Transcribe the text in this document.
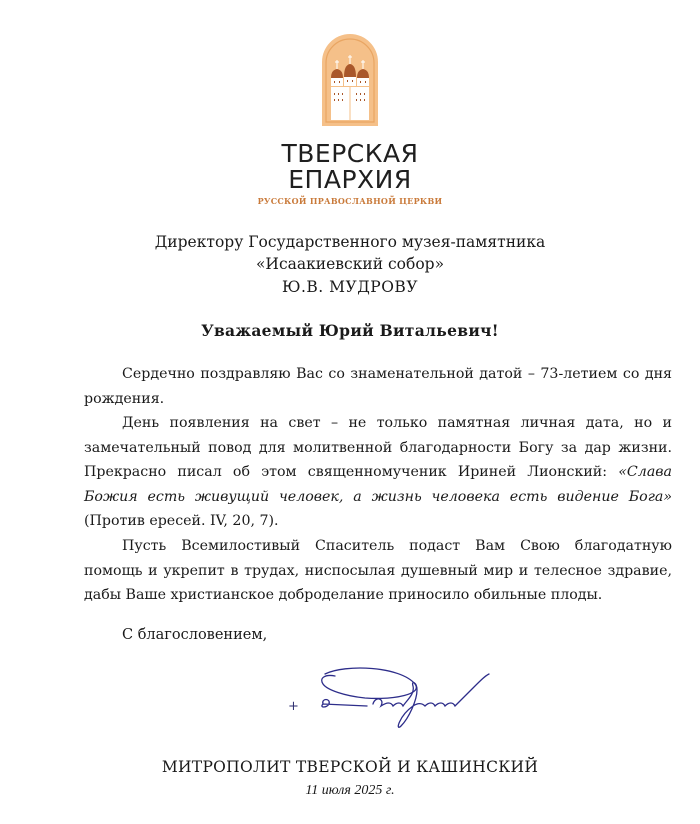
ТВЕРСКАЯ
ЕПАРХИЯ
РУССКОЙ ПРАВОСЛАВНОЙ ЦЕРКВИ
Директору Государственного музея-памятника
«Исаакиевский собор»
Ю.В. МУДРОВУ
Уважаемый Юрий Витальевич!

Сердечно поздравляю Вас со знаменательной датой – 73-летием со дня рождения.

День появления на свет – не только памятная личная дата, но и замечательный повод для молитвенной благодарности Богу за дар жизни. Прекрасно писал об этом священномученик Ириней Лионский: «Слава Божия есть живущий человек, а жизнь человека есть видение Бога» (Против ересей. IV, 20, 7).

Пусть Всемилостивый Спаситель подаст Вам Свою благодатную помощь и укрепит в трудах, ниспосылая душевный мир и телесное здравие, дабы Ваше христианское доброделание приносило обильные плоды.

С благословением,
+
МИТРОПОЛИТ ТВЕРСКОЙ И КАШИНСКИЙ
11 июля 2025 г.
